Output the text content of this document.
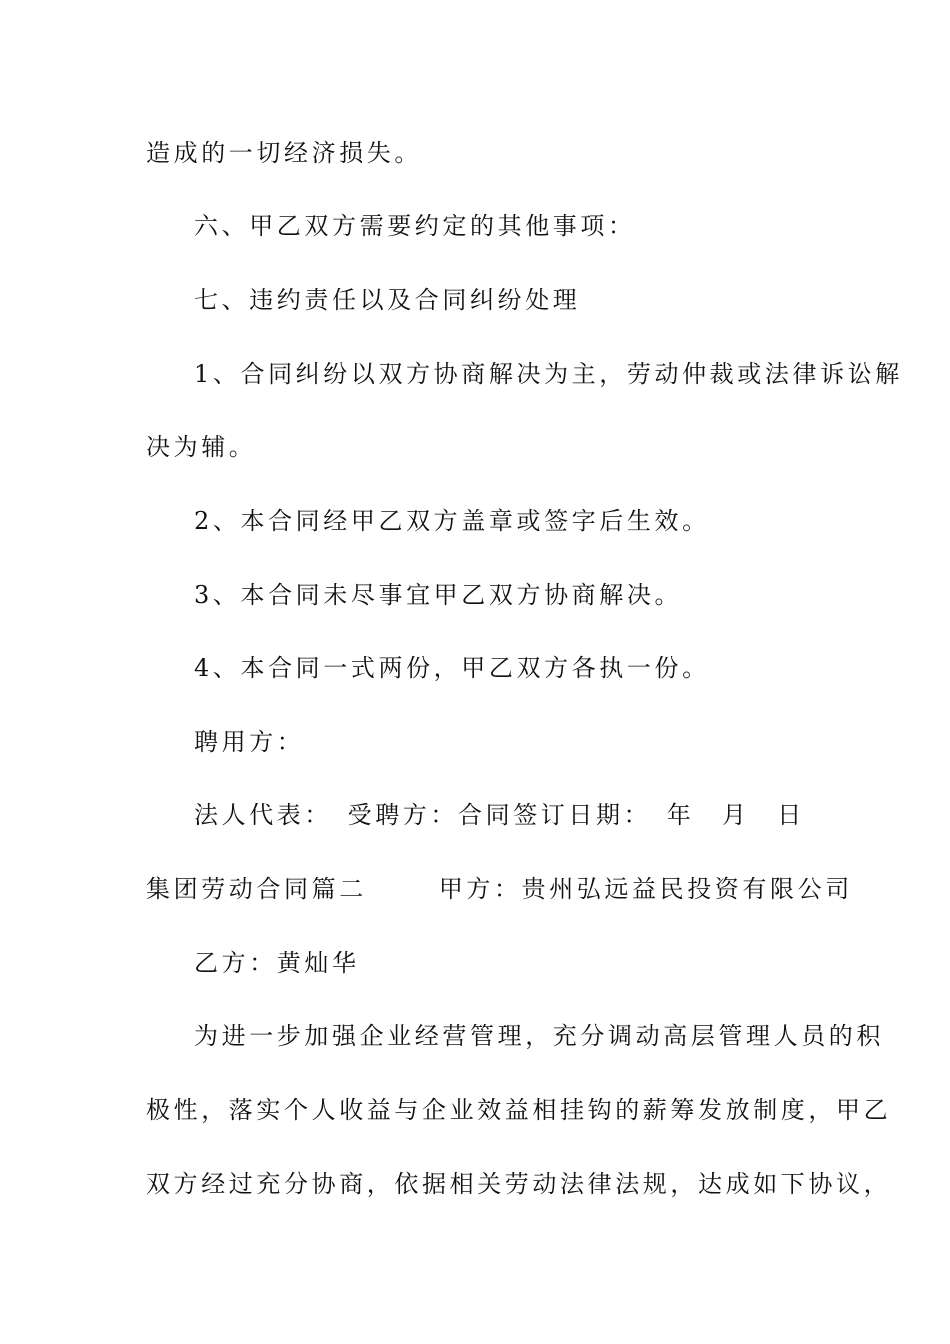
造成的一切经济损失。
六、甲乙双方需要约定的其他事项：
七、违约责任以及合同纠纷处理
1、合同纠纷以双方协商解决为主，劳动仲裁或法律诉讼解
决为辅。
2、本合同经甲乙双方盖章或签字后生效。
3、本合同未尽事宜甲乙双方协商解决。
4、本合同一式两份，甲乙双方各执一份。
聘用方：
法人代表：　受聘方：合同签订日期：　年　月　日
集团劳动合同篇二	甲方：贵州弘远益民投资有限公司
乙方：黄灿华
为进一步加强企业经营管理，充分调动高层管理人员的积
极性，落实个人收益与企业效益相挂钩的薪筹发放制度，甲乙
双方经过充分协商，依据相关劳动法律法规，达成如下协议，
